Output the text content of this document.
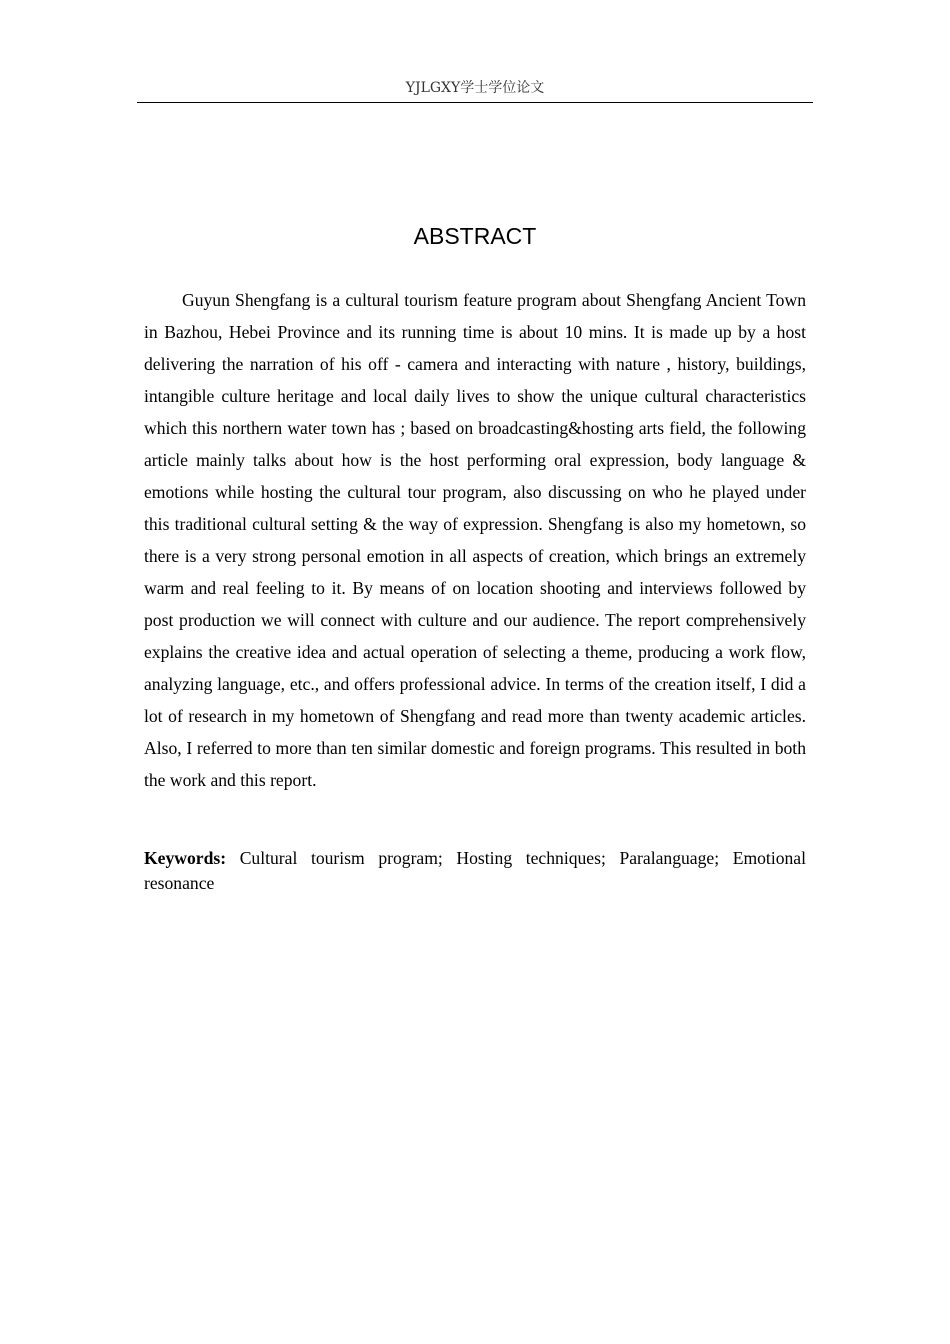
YJLGXY学士学位论文
ABSTRACT

Guyun Shengfang is a cultural tourism feature program about Shengfang Ancient Town in Bazhou, Hebei Province and its running time is about 10 mins. It is made up by a host delivering the narration of his off - camera and interacting with nature , history, buildings, intangible culture heritage and local daily lives to show the unique cultural characteristics which this northern water town has ; based on broadcasting&hosting arts field, the following article mainly talks about how is the host performing oral expression, body language & emotions while hosting the cultural tour program, also discussing on who he played under this traditional cultural setting & the way of expression. Shengfang is also my hometown, so there is a very strong personal emotion in all aspects of creation, which brings an extremely warm and real feeling to it. By means of on location shooting and interviews followed by post production we will connect with culture and our audience. The report comprehensively explains the creative idea and actual operation of selecting a theme, producing a work flow, analyzing language, etc., and offers professional advice. In terms of the creation itself, I did a lot of research in my hometown of Shengfang and read more than twenty academic articles. Also, I referred to more than ten similar domestic and foreign programs. This resulted in both the work and this report.

Keywords: Cultural tourism program; Hosting techniques; Paralanguage; Emotional resonance
